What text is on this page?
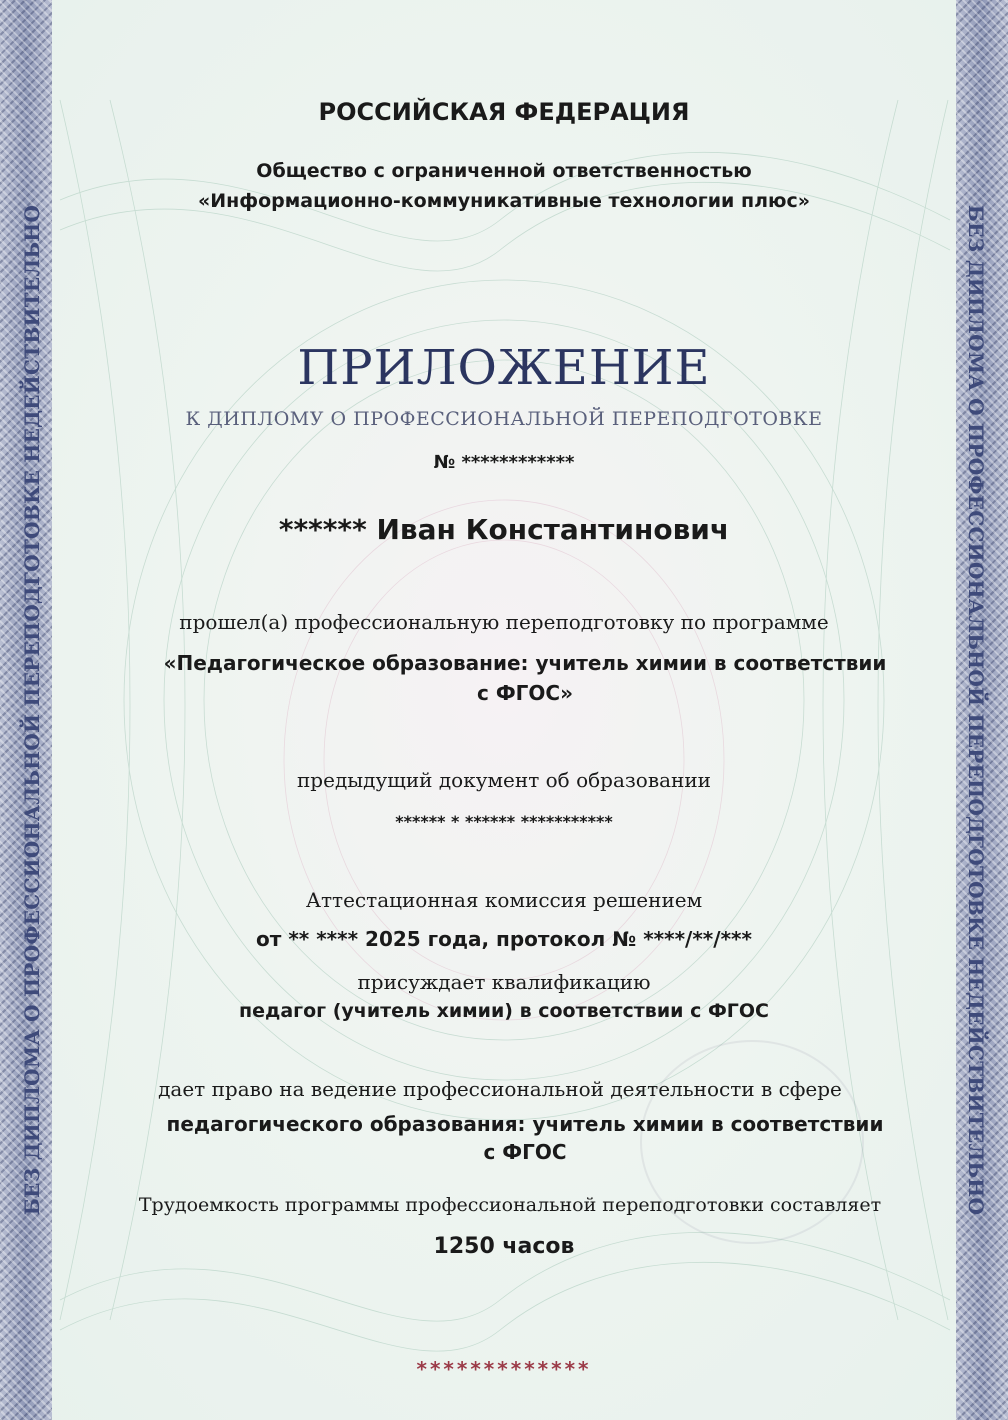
БЕЗ ДИПЛОМА О ПРОФЕССИОНАЛЬНОЙ ПЕРЕПОДГОТОВКЕ НЕДЕЙСТВИТЕЛЬНО	БЕЗ ДИПЛОМА О ПРОФЕССИОНАЛЬНОЙ ПЕРЕПОДГОТОВКЕ НЕДЕЙСТВИТЕЛЬНО
РОССИЙСКАЯ ФЕДЕРАЦИЯ
Общество с ограниченной ответственностью
«Информационно-коммуникативные технологии плюс»
ПРИЛОЖЕНИЕ
К ДИПЛОМУ О ПРОФЕССИОНАЛЬНОЙ ПЕРЕПОДГОТОВКЕ
№ ************
****** Иван Константинович
прошел(а) профессиональную переподготовку по программе
«Педагогическое образование: учитель химии в соответствии
с ФГОС»
предыдущий документ об образовании
****** * ****** ***********
Аттестационная комиссия решением
от ** **** 2025 года, протокол № ****/**/***
присуждает квалификацию
педагог (учитель химии) в соответствии с ФГОС
дает право на ведение профессиональной деятельности в сфере
педагогического образования: учитель химии в соответствии
с ФГОС
Трудоемкость программы профессиональной переподготовки составляет
1250 часов
*************
